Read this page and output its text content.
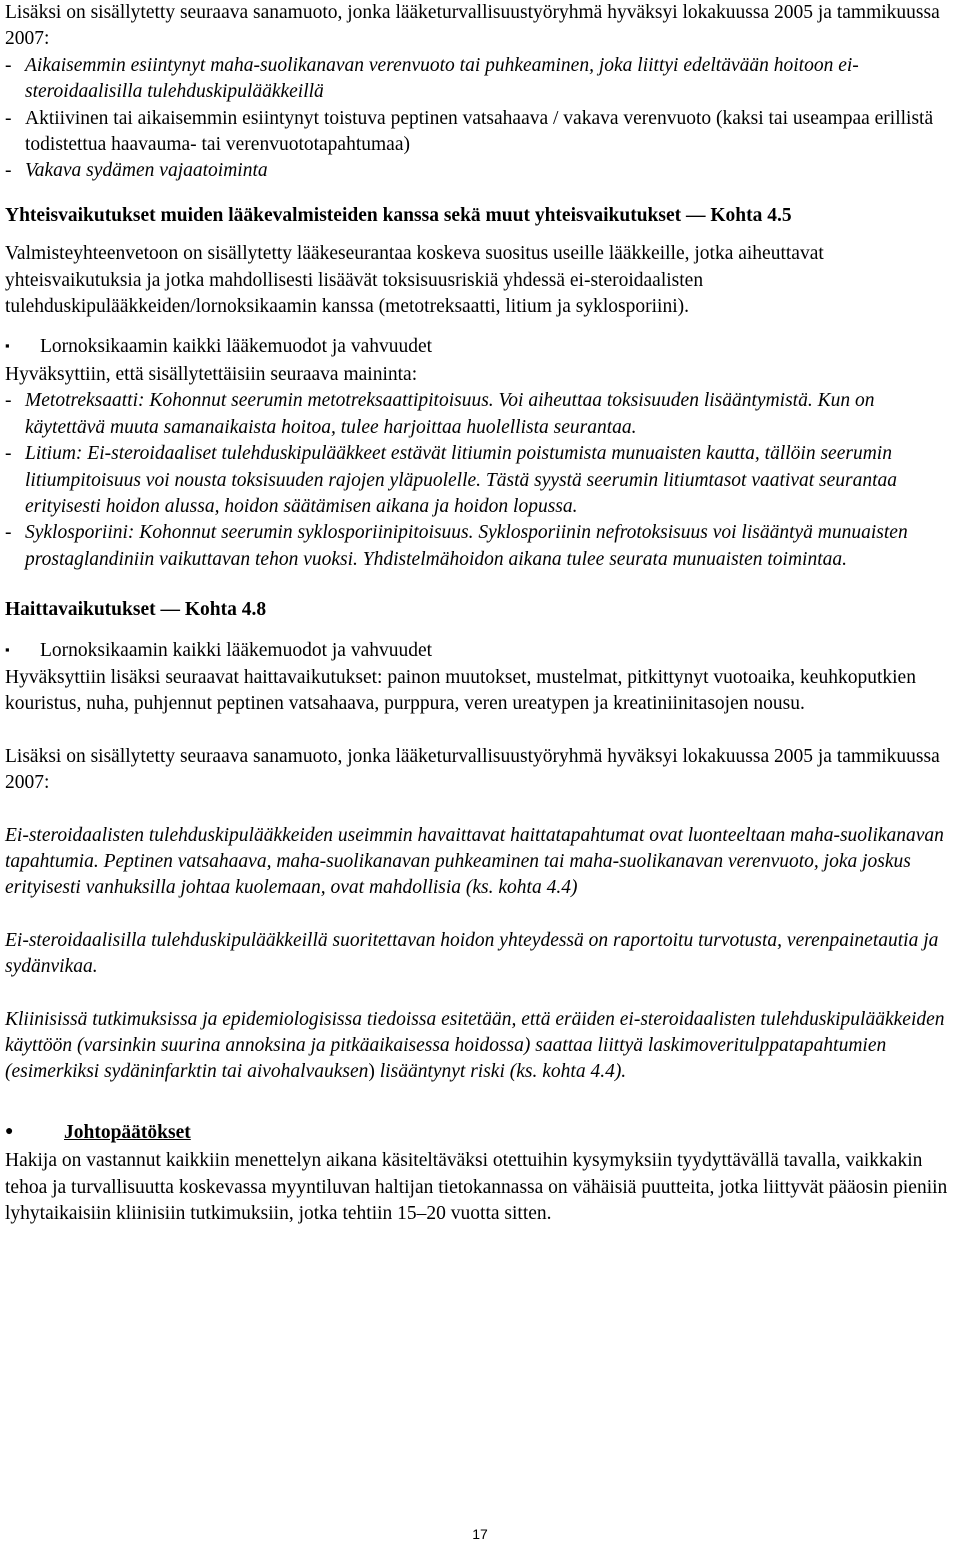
Lisäksi on sisällytetty seuraava sanamuoto, jonka lääketurvallisuustyöryhmä hyväksyi lokakuussa 2005 ja tammikuussa 2007:

- Aikaisemmin esiintynyt maha-suolikanavan verenvuoto tai puhkeaminen, joka liittyi edeltävään hoitoon ei-steroidaalisilla tulehduskipulääkkeillä
- Aktiivinen tai aikaisemmin esiintynyt toistuva peptinen vatsahaava / vakava verenvuoto (kaksi tai useampaa erillistä todistettua haavauma- tai verenvuototapahtumaa)
- Vakava sydämen vajaatoiminta

Yhteisvaikutukset muiden lääkevalmisteiden kanssa sekä muut yhteisvaikutukset — Kohta 4.5

Valmisteyhteenvetoon on sisällytetty lääkeseurantaa koskeva suositus useille lääkkeille, jotka aiheuttavat yhteisvaikutuksia ja jotka mahdollisesti lisäävät toksisuusriskiä yhdessä ei-steroidaalisten tulehduskipulääkkeiden/lornoksikaamin kanssa (metotreksaatti, litium ja syklosporiini).

▪	Lornoksikaamin kaikki lääkemuodot ja vahvuudet

Hyväksyttiin, että sisällytettäisiin seuraava maininta:

- Metotreksaatti: Kohonnut seerumin metotreksaattipitoisuus. Voi aiheuttaa toksisuuden lisääntymistä. Kun on käytettävä muuta samanaikaista hoitoa, tulee harjoittaa huolellista seurantaa.
- Litium: Ei-steroidaaliset tulehduskipulääkkeet estävät litiumin poistumista munuaisten kautta, tällöin seerumin litiumpitoisuus voi nousta toksisuuden rajojen yläpuolelle. Tästä syystä seerumin litiumtasot vaativat seurantaa erityisesti hoidon alussa, hoidon säätämisen aikana ja hoidon lopussa.
- Syklosporiini: Kohonnut seerumin syklosporiinipitoisuus. Syklosporiinin nefrotoksisuus voi lisääntyä munuaisten prostaglandiniin vaikuttavan tehon vuoksi. Yhdistelmähoidon aikana tulee seurata munuaisten toimintaa.

Haittavaikutukset — Kohta 4.8

▪	Lornoksikaamin kaikki lääkemuodot ja vahvuudet

Hyväksyttiin lisäksi seuraavat haittavaikutukset: painon muutokset, mustelmat, pitkittynyt vuotoaika, keuhkoputkien kouristus, nuha, puhjennut peptinen vatsahaava, purppura, veren ureatypen ja kreatiniinitasojen nousu.

Lisäksi on sisällytetty seuraava sanamuoto, jonka lääketurvallisuustyöryhmä hyväksyi lokakuussa 2005 ja tammikuussa 2007:

Ei-steroidaalisten tulehduskipulääkkeiden useimmin havaittavat haittatapahtumat ovat luonteeltaan maha-suolikanavan tapahtumia. Peptinen vatsahaava, maha-suolikanavan puhkeaminen tai maha-suolikanavan verenvuoto, joka joskus erityisesti vanhuksilla johtaa kuolemaan, ovat mahdollisia (ks. kohta 4.4)

Ei-steroidaalisilla tulehduskipulääkkeillä suoritettavan hoidon yhteydessä on raportoitu turvotusta, verenpainetautia ja sydänvikaa.

Kliinisissä tutkimuksissa ja epidemiologisissa tiedoissa esitetään, että eräiden ei-steroidaalisten tulehduskipulääkkeiden käyttöön (varsinkin suurina annoksina ja pitkäaikaisessa hoidossa) saattaa liittyä laskimoveritulppatapahtumien (esimerkiksi sydäninfarktin tai aivohalvauksen) lisääntynyt riski (ks. kohta 4.4).

●	Johtopäätökset

Hakija on vastannut kaikkiin menettelyn aikana käsiteltäväksi otettuihin kysymyksiin tyydyttävällä tavalla, vaikkakin tehoa ja turvallisuutta koskevassa myyntiluvan haltijan tietokannassa on vähäisiä puutteita, jotka liittyvät pääosin pieniin lyhytaikaisiin kliinisiin tutkimuksiin, jotka tehtiin 15–20 vuotta sitten.

17
